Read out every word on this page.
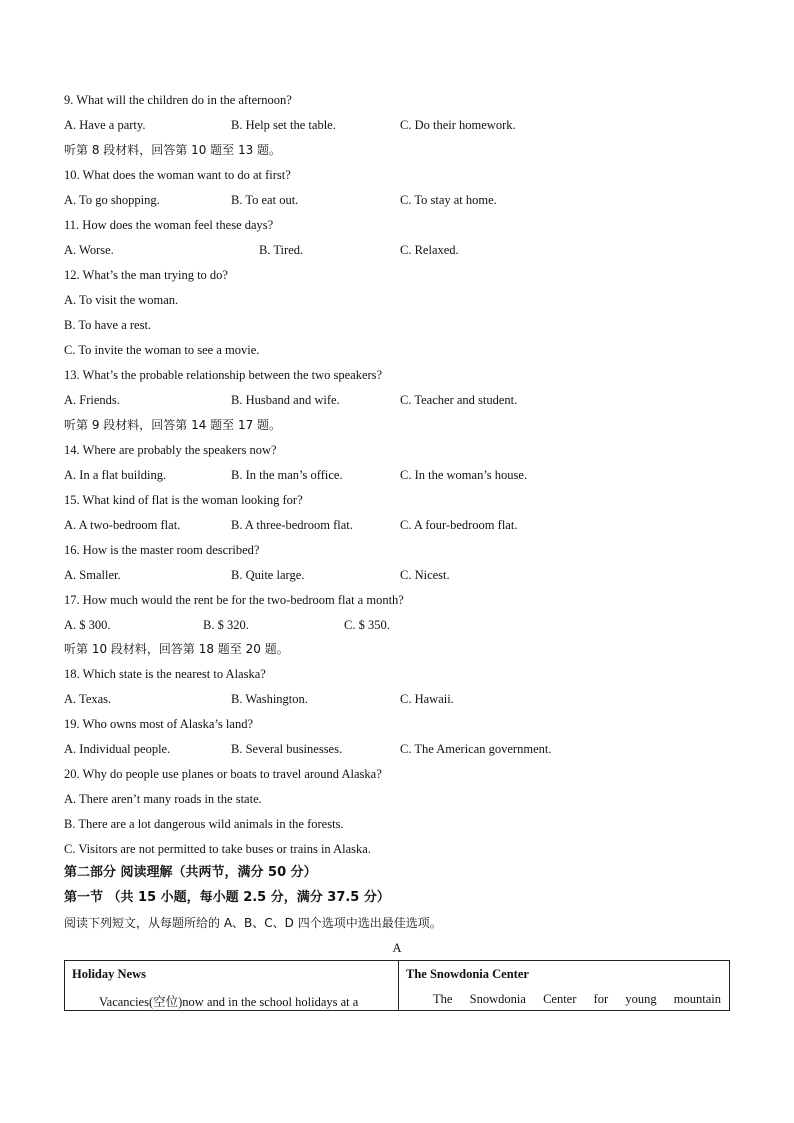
9. What will the children do in the afternoon?
A. Have a party.	B. Help set the table.	C. Do their homework.
听第 8 段材料，回答第 10 题至 13 题。
10. What does the woman want to do at first?
A. To go shopping.	B. To eat out.	C. To stay at home.
11. How does the woman feel these days?
A. Worse.	B. Tired.	C. Relaxed.
12. What’s the man trying to do?
A. To visit the woman.
B. To have a rest.
C. To invite the woman to see a movie.
13. What’s the probable relationship between the two speakers?
A. Friends.	B. Husband and wife.	C. Teacher and student.
听第 9 段材料，回答第 14 题至 17 题。
14. Where are probably the speakers now?
A. In a flat building.	B. In the man’s office.	C. In the woman’s house.
15. What kind of flat is the woman looking for?
A. A two-bedroom flat.	B. A three-bedroom flat.	C. A four-bedroom flat.
16. How is the master room described?
A. Smaller.	B. Quite large.	C. Nicest.
17. How much would the rent be for the two-bedroom flat a month?
A. $ 300.	B. $ 320.	C. $ 350.
听第 10 段材料，回答第 18 题至 20 题。
18. Which state is the nearest to Alaska?
A. Texas.	B. Washington.	C. Hawaii.
19. Who owns most of Alaska’s land?
A. Individual people.	B. Several businesses.	C. The American government.
20. Why do people use planes or boats to travel around Alaska?
A. There aren’t many roads in the state.
B. There are a lot dangerous wild animals in the forests.
C. Visitors are not permitted to take buses or trains in Alaska.
第二部分 阅读理解（共两节，满分 50 分）
第一节 （共 15 小题，每小题 2.5 分，满分 37.5 分）
阅读下列短文，从每题所给的 A、B、C、D 四个选项中选出最佳选项。
A
Holiday News
Vacancies(空位)now and in the school holidays at a
The Snowdonia Center
The Snowdonia Center for young mountain
